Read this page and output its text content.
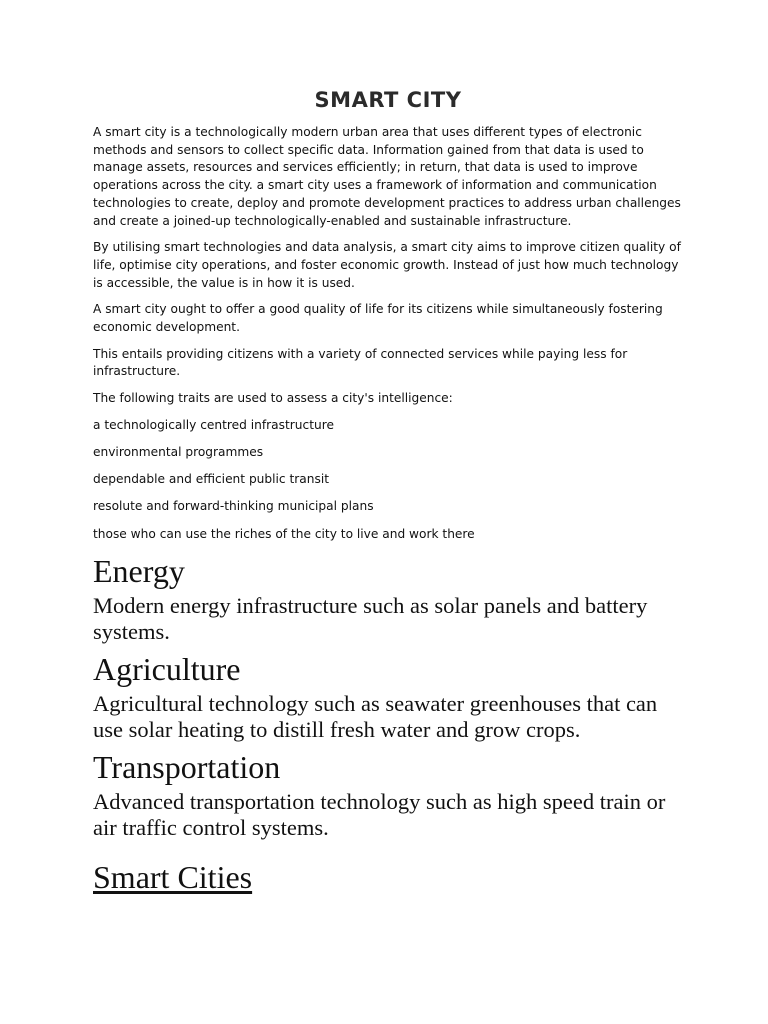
SMART CITY

A smart city is a technologically modern urban area that uses different types of electronic methods and sensors to collect specific data. Information gained from that data is used to manage assets, resources and services efficiently; in return, that data is used to improve operations across the city. a smart city uses a framework of information and communication technologies to create, deploy and promote development practices to address urban challenges and create a joined-up technologically-enabled and sustainable infrastructure.

By utilising smart technologies and data analysis, a smart city aims to improve citizen quality of life, optimise city operations, and foster economic growth. Instead of just how much technology is accessible, the value is in how it is used.

A smart city ought to offer a good quality of life for its citizens while simultaneously fostering economic development.

This entails providing citizens with a variety of connected services while paying less for infrastructure.

The following traits are used to assess a city's intelligence:

a technologically centred infrastructure

environmental programmes

dependable and efficient public transit

resolute and forward-thinking municipal plans

those who can use the riches of the city to live and work there

Energy

Modern energy infrastructure such as solar panels and battery systems.

Agriculture

Agricultural technology such as seawater greenhouses that can use solar heating to distill fresh water and grow crops.

Transportation

Advanced transportation technology such as high speed train or air traffic control systems.

Smart Cities
